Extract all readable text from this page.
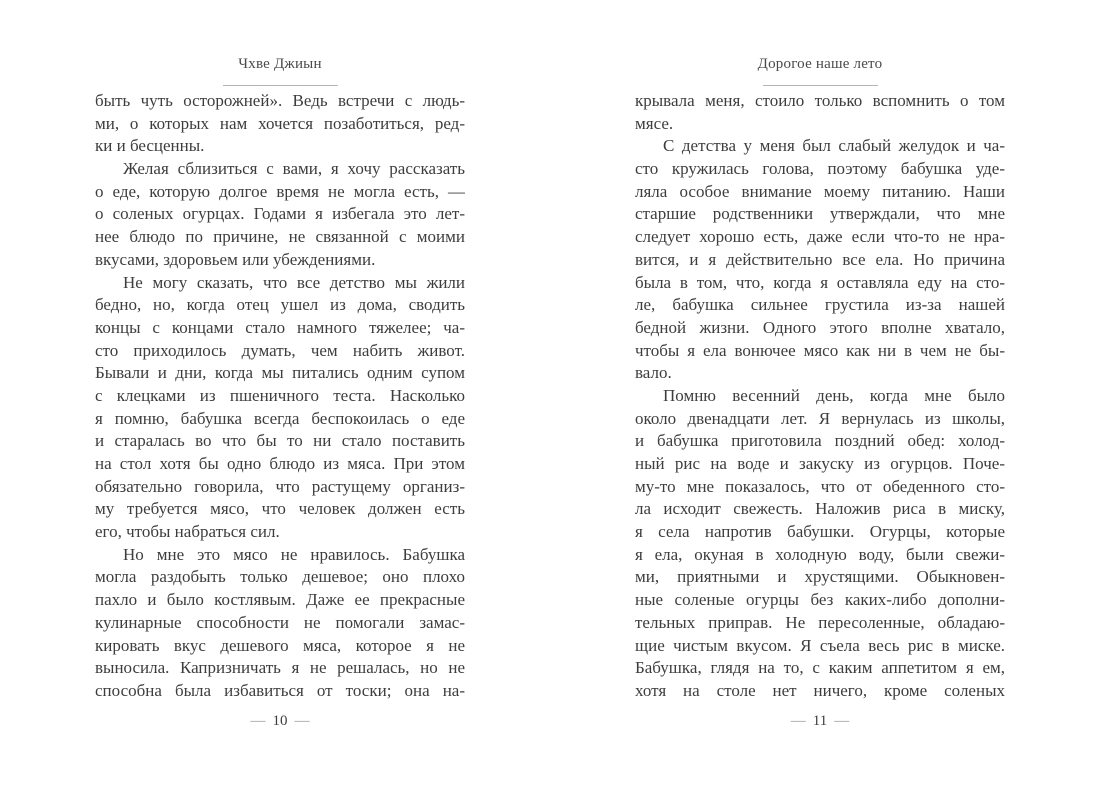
Чхве Джиын
быть чуть осторожней». Ведь встречи с людь-
ми, о которых нам хочется позаботиться, ред-
ки и бесценны.
Желая сблизиться с вами, я хочу рассказать
о еде, которую долгое время не могла есть, —
о соленых огурцах. Годами я избегала это лет-
нее блюдо по причине, не связанной с моими
вкусами, здоровьем или убеждениями.
Не могу сказать, что все детство мы жили
бедно, но, когда отец ушел из дома, сводить
концы с концами стало намного тяжелее; ча-
сто приходилось думать, чем набить живот.
Бывали и дни, когда мы питались одним супом
с клецками из пшеничного теста. Насколько
я помню, бабушка всегда беспокоилась о еде
и старалась во что бы то ни стало поставить
на стол хотя бы одно блюдо из мяса. При этом
обязательно говорила, что растущему организ-
му требуется мясо, что человек должен есть
его, чтобы набраться сил.
Но мне это мясо не нравилось. Бабушка
могла раздобыть только дешевое; оно плохо
пахло и было костлявым. Даже ее прекрасные
кулинарные способности не помогали замас-
кировать вкус дешевого мяса, которое я не
выносила. Капризничать я не решалась, но не
способна была избавиться от тоски; она на-
— 10 —
Дорогое наше лето
крывала меня, стоило только вспомнить о том
мясе.
С детства у меня был слабый желудок и ча-
сто кружилась голова, поэтому бабушка уде-
ляла особое внимание моему питанию. Наши
старшие родственники утверждали, что мне
следует хорошо есть, даже если что-то не нра-
вится, и я действительно все ела. Но причина
была в том, что, когда я оставляла еду на сто-
ле, бабушка сильнее грустила из-за нашей
бедной жизни. Одного этого вполне хватало,
чтобы я ела вонючее мясо как ни в чем не бы-
вало.
Помню весенний день, когда мне было
около двенадцати лет. Я вернулась из школы,
и бабушка приготовила поздний обед: холод-
ный рис на воде и закуску из огурцов. Поче-
му-то мне показалось, что от обеденного сто-
ла исходит свежесть. Наложив риса в миску,
я села напротив бабушки. Огурцы, которые
я ела, окуная в холодную воду, были свежи-
ми, приятными и хрустящими. Обыкновен-
ные соленые огурцы без каких-либо дополни-
тельных приправ. Не пересоленные, обладаю-
щие чистым вкусом. Я съела весь рис в миске.
Бабушка, глядя на то, с каким аппетитом я ем,
хотя на столе нет ничего, кроме соленых
— 11 —
